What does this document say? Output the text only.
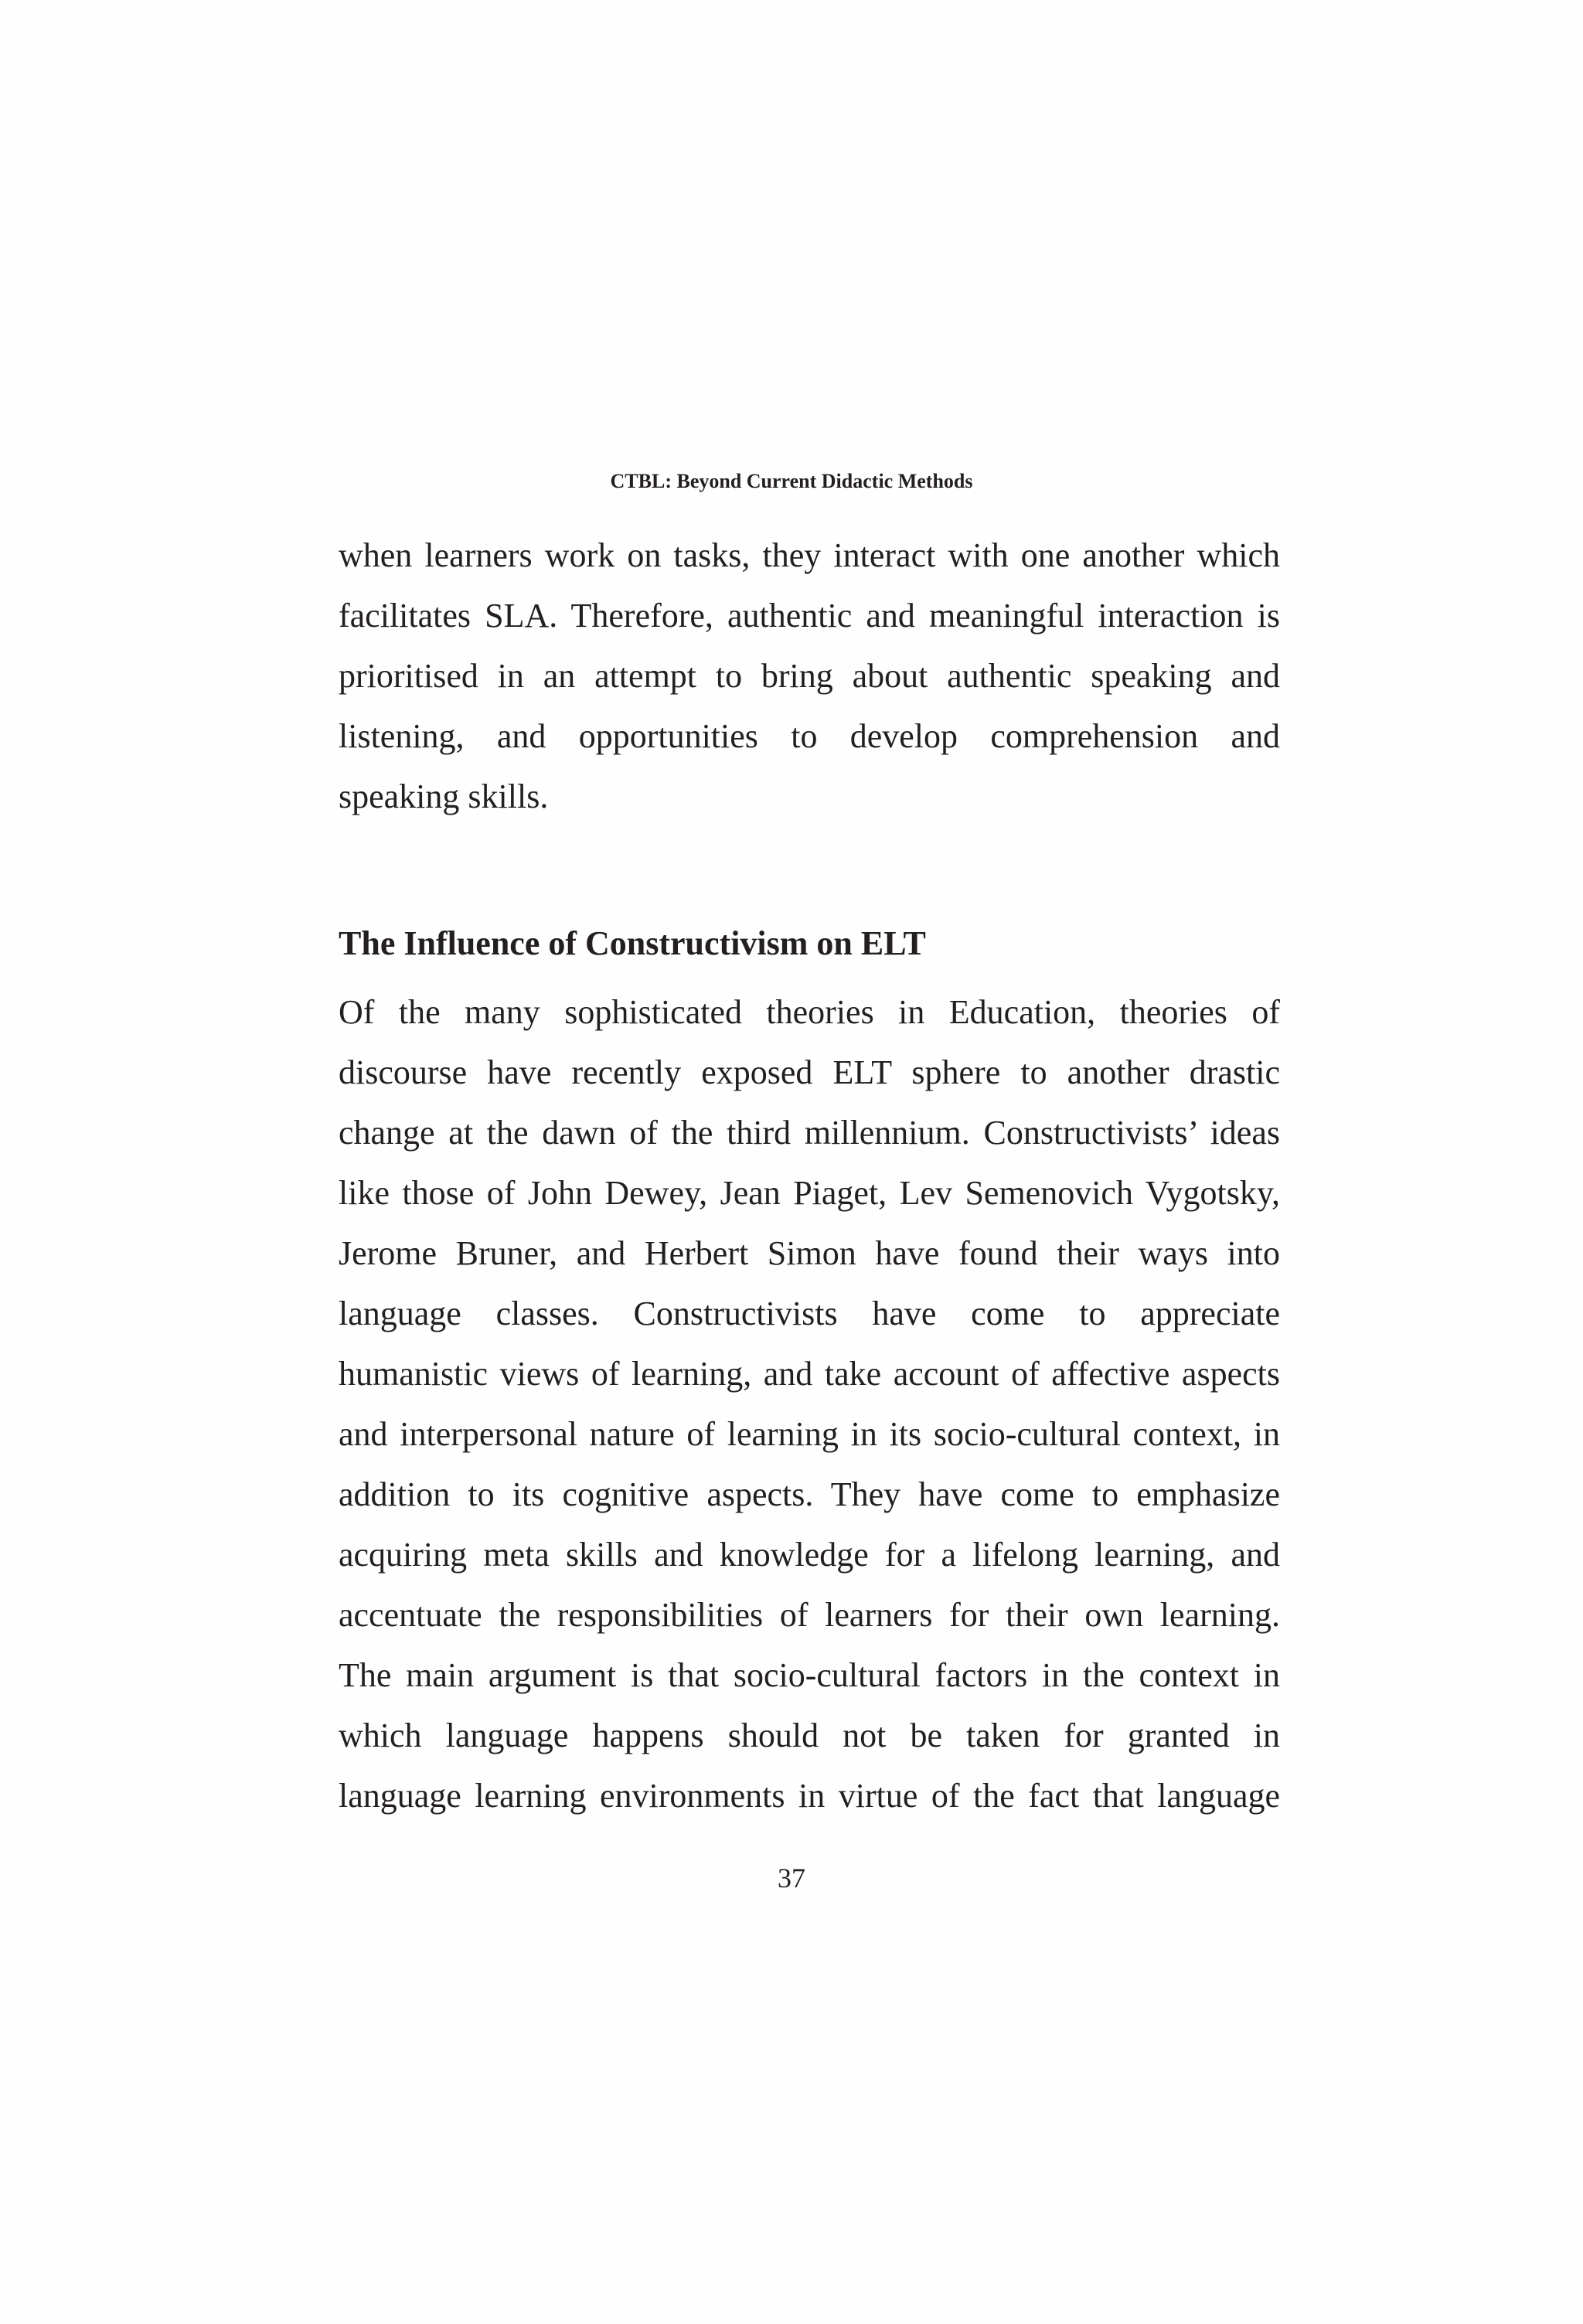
CTBL: Beyond Current Didactic Methods
when learners work on tasks, they interact with one another which
facilitates SLA. Therefore, authentic and meaningful interaction is
prioritised in an attempt to bring about authentic speaking and
listening, and opportunities to develop comprehension and
speaking skills.
The Influence of Constructivism on ELT
Of the many sophisticated theories in Education, theories of
discourse have recently exposed ELT sphere to another drastic
change at the dawn of the third millennium. Constructivists’ ideas
like those of John Dewey, Jean Piaget, Lev Semenovich Vygotsky,
Jerome Bruner, and Herbert Simon have found their ways into
language classes. Constructivists have come to appreciate
humanistic views of learning, and take account of affective aspects
and interpersonal nature of learning in its socio-cultural context, in
addition to its cognitive aspects. They have come to emphasize
acquiring meta skills and knowledge for a lifelong learning, and
accentuate the responsibilities of learners for their own learning.
The main argument is that socio-cultural factors in the context in
which language happens should not be taken for granted in
language learning environments in virtue of the fact that language
37
